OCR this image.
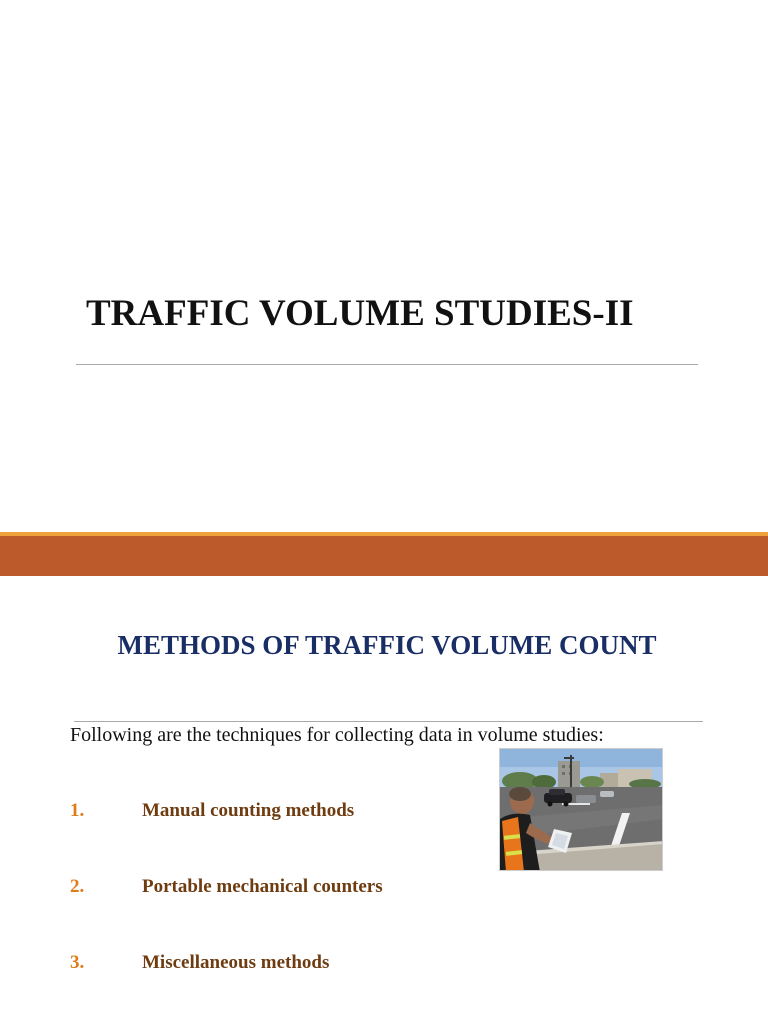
TRAFFIC VOLUME STUDIES-II
METHODS OF TRAFFIC VOLUME COUNT

Following are the techniques for collecting data in volume studies:

1.	Manual counting methods
2.	Portable mechanical counters
3.	Miscellaneous methods
